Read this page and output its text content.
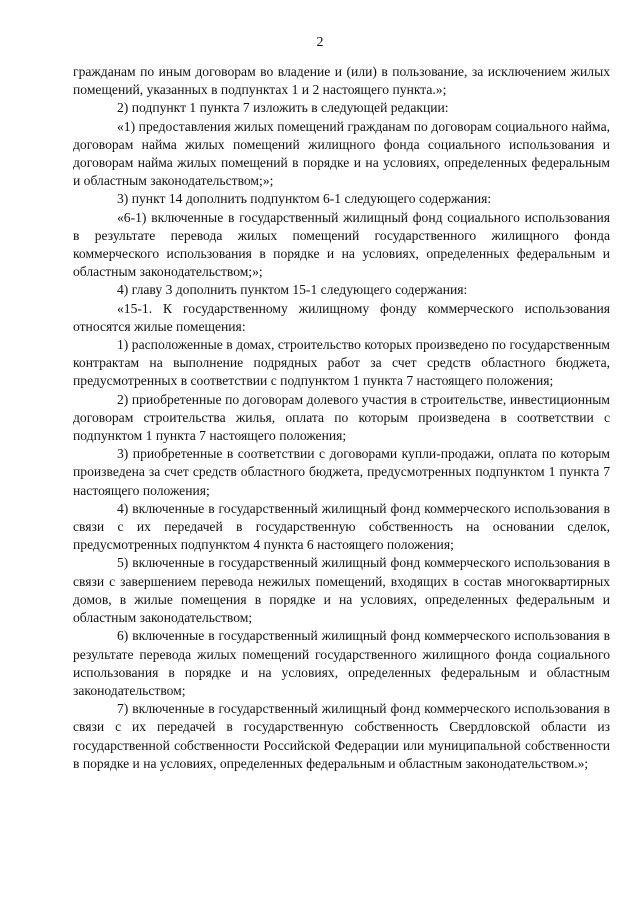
2

гражданам по иным договорам во владение и (или) в пользование, за исключением жилых помещений, указанных в подпунктах 1 и 2 настоящего пункта.»;

2) подпункт 1 пункта 7 изложить в следующей редакции:

«1) предоставления жилых помещений гражданам по договорам социального найма, договорам найма жилых помещений жилищного фонда социального использования и договорам найма жилых помещений в порядке и на условиях, определенных федеральным и областным законодательством;»;

3) пункт 14 дополнить подпунктом 6-1 следующего содержания:

«6-1) включенные в государственный жилищный фонд социального использования в результате перевода жилых помещений государственного жилищного фонда коммерческого использования в порядке и на условиях, определенных федеральным и областным законодательством;»;

4) главу 3 дополнить пунктом 15-1 следующего содержания:

«15-1. К государственному жилищному фонду коммерческого использования относятся жилые помещения:

1) расположенные в домах, строительство которых произведено по государственным контрактам на выполнение подрядных работ за счет средств областного бюджета, предусмотренных в соответствии с подпунктом 1 пункта 7 настоящего положения;

2) приобретенные по договорам долевого участия в строительстве, инвестиционным договорам строительства жилья, оплата по которым произведена в соответствии с подпунктом 1 пункта 7 настоящего положения;

3) приобретенные в соответствии с договорами купли-продажи, оплата по которым произведена за счет средств областного бюджета, предусмотренных подпунктом 1 пункта 7 настоящего положения;

4) включенные в государственный жилищный фонд коммерческого использования в связи с их передачей в государственную собственность на основании сделок, предусмотренных подпунктом 4 пункта 6 настоящего положения;

5) включенные в государственный жилищный фонд коммерческого использования в связи с завершением перевода нежилых помещений, входящих в состав многоквартирных домов, в жилые помещения в порядке и на условиях, определенных федеральным и областным законодательством;

6) включенные в государственный жилищный фонд коммерческого использования в результате перевода жилых помещений государственного жилищного фонда социального использования в порядке и на условиях, определенных федеральным и областным законодательством;

7) включенные в государственный жилищный фонд коммерческого использования в связи с их передачей в государственную собственность Свердловской области из государственной собственности Российской Федерации или муниципальной собственности в порядке и на условиях, определенных федеральным и областным законодательством.»;
